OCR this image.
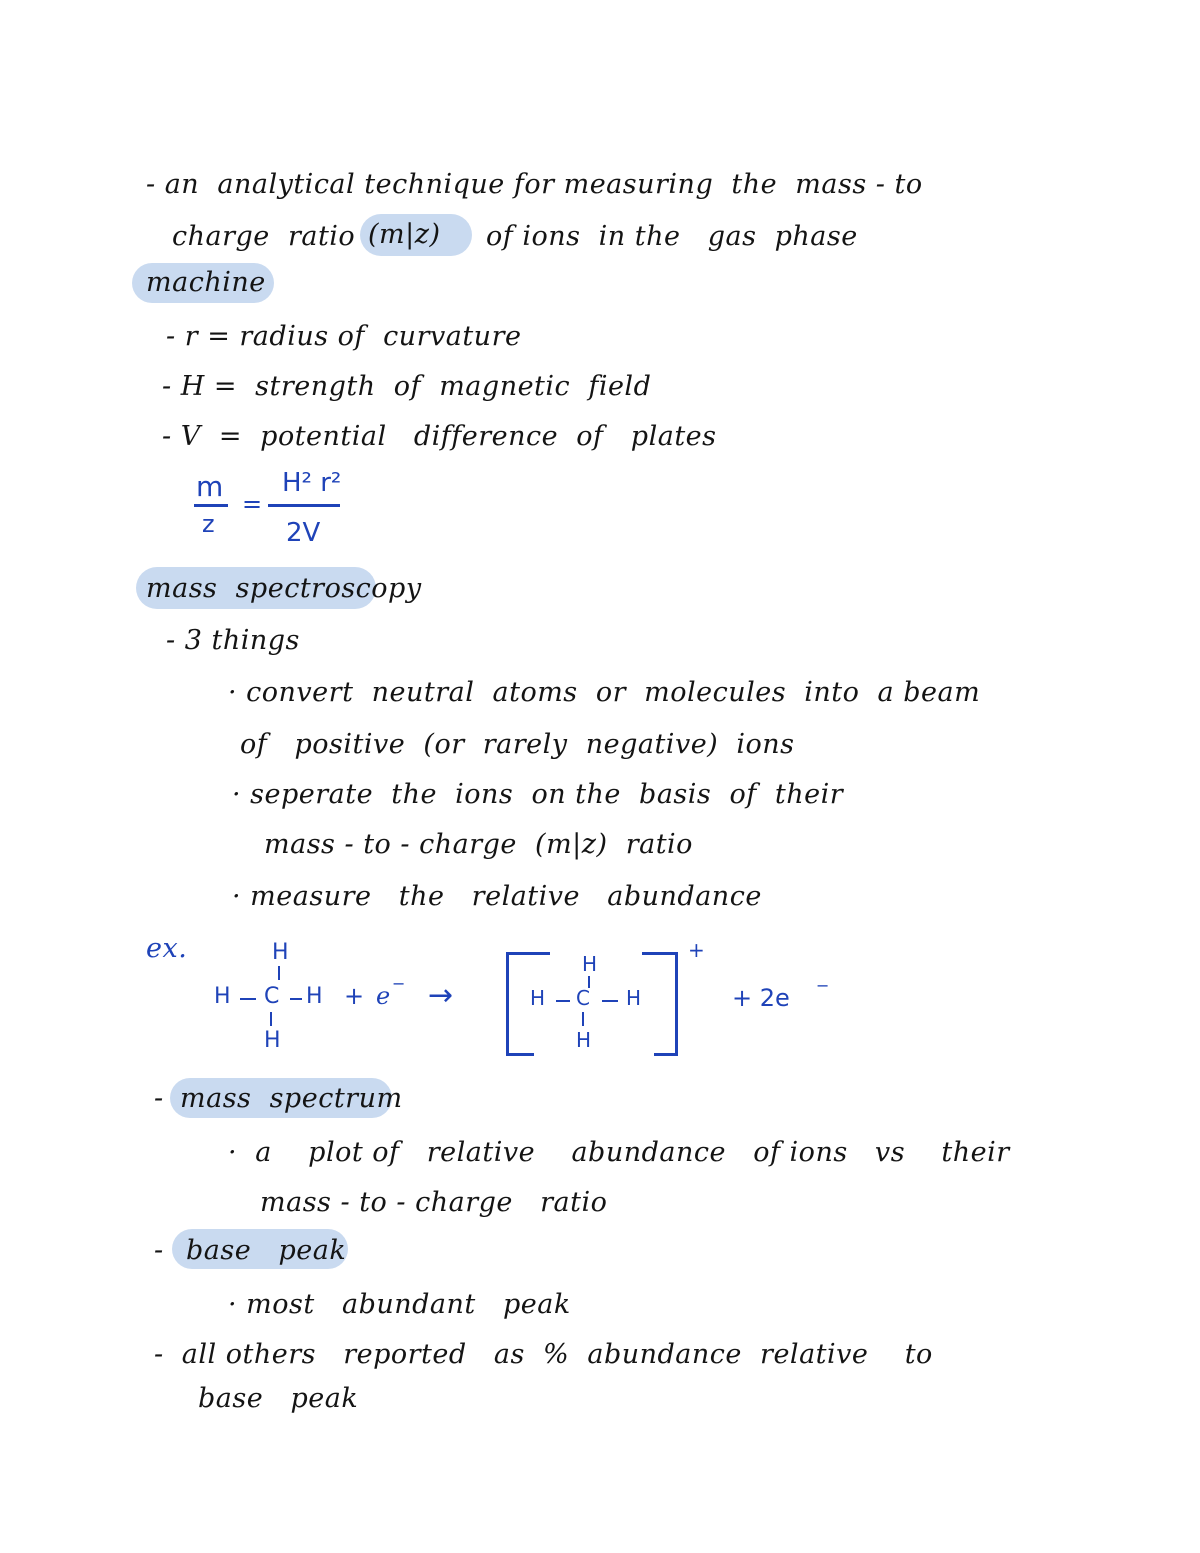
- an  analytical technique for measuring  the  mass - to
charge  ratio (m|z) of ions  in the   gas  phase
machine
- r = radius of  curvature
- H =  strength  of  magnetic  field
- V  =  potential   difference  of   plates
m
z
=
H² r²
2V
mass  spectroscopy
- 3 things
· convert  neutral  atoms  or  molecules  into  a beam
of   positive  (or  rarely  negative)  ions
· seperate  the  ions  on the  basis  of  their
mass - to - charge  (m|z)  ratio
· measure   the   relative   abundance
ex.	H
H C H
H
+ e − →
H
H C H
H
+
+ 2e −
- mass  spectrum
·  a    plot of   relative    abundance   of ions   vs    their
mass - to - charge   ratio
- base   peak
· most   abundant   peak
-  all others   reported   as  %  abundance  relative    to
base   peak
